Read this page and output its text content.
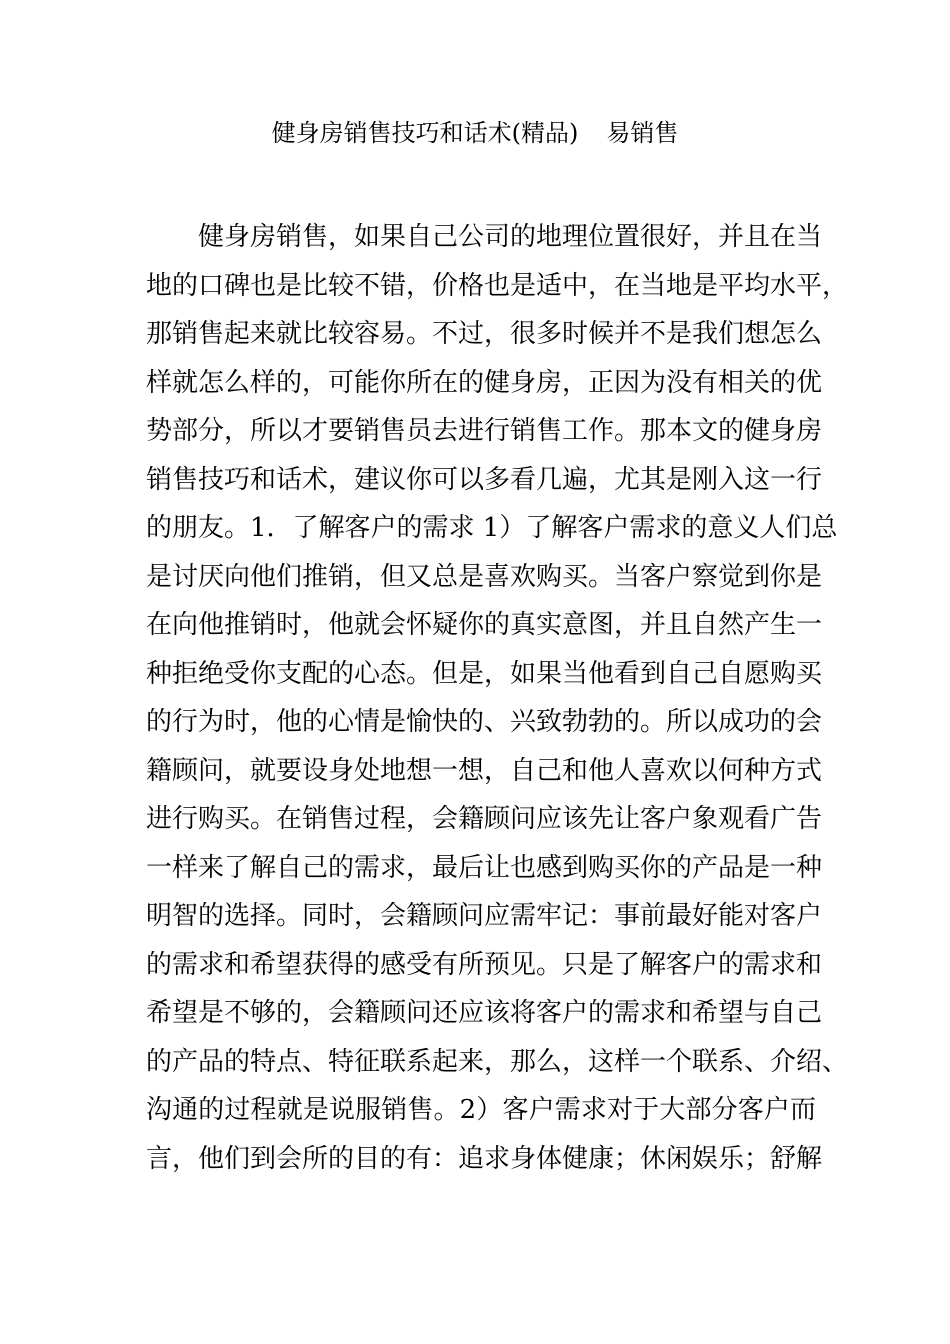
健身房销售技巧和话术(精品) 易销售
健身房销售，如果自己公司的地理位置很好，并且在当
地的口碑也是比较不错，价格也是适中，在当地是平均水平，
那销售起来就比较容易。不过，很多时候并不是我们想怎么
样就怎么样的，可能你所在的健身房，正因为没有相关的优
势部分，所以才要销售员去进行销售工作。那本文的健身房
销售技巧和话术，建议你可以多看几遍，尤其是刚入这一行
的朋友。1．了解客户的需求 1）了解客户需求的意义人们总
是讨厌向他们推销，但又总是喜欢购买。当客户察觉到你是
在向他推销时，他就会怀疑你的真实意图，并且自然产生一
种拒绝受你支配的心态。但是，如果当他看到自己自愿购买
的行为时，他的心情是愉快的、兴致勃勃的。所以成功的会
籍顾问，就要设身处地想一想，自己和他人喜欢以何种方式
进行购买。在销售过程，会籍顾问应该先让客户象观看广告
一样来了解自己的需求，最后让也感到购买你的产品是一种
明智的选择。同时，会籍顾问应需牢记：事前最好能对客户
的需求和希望获得的感受有所预见。只是了解客户的需求和
希望是不够的，会籍顾问还应该将客户的需求和希望与自己
的产品的特点、特征联系起来，那么，这样一个联系、介绍、
沟通的过程就是说服销售。2）客户需求对于大部分客户而
言，他们到会所的目的有：追求身体健康；休闲娱乐；舒解
